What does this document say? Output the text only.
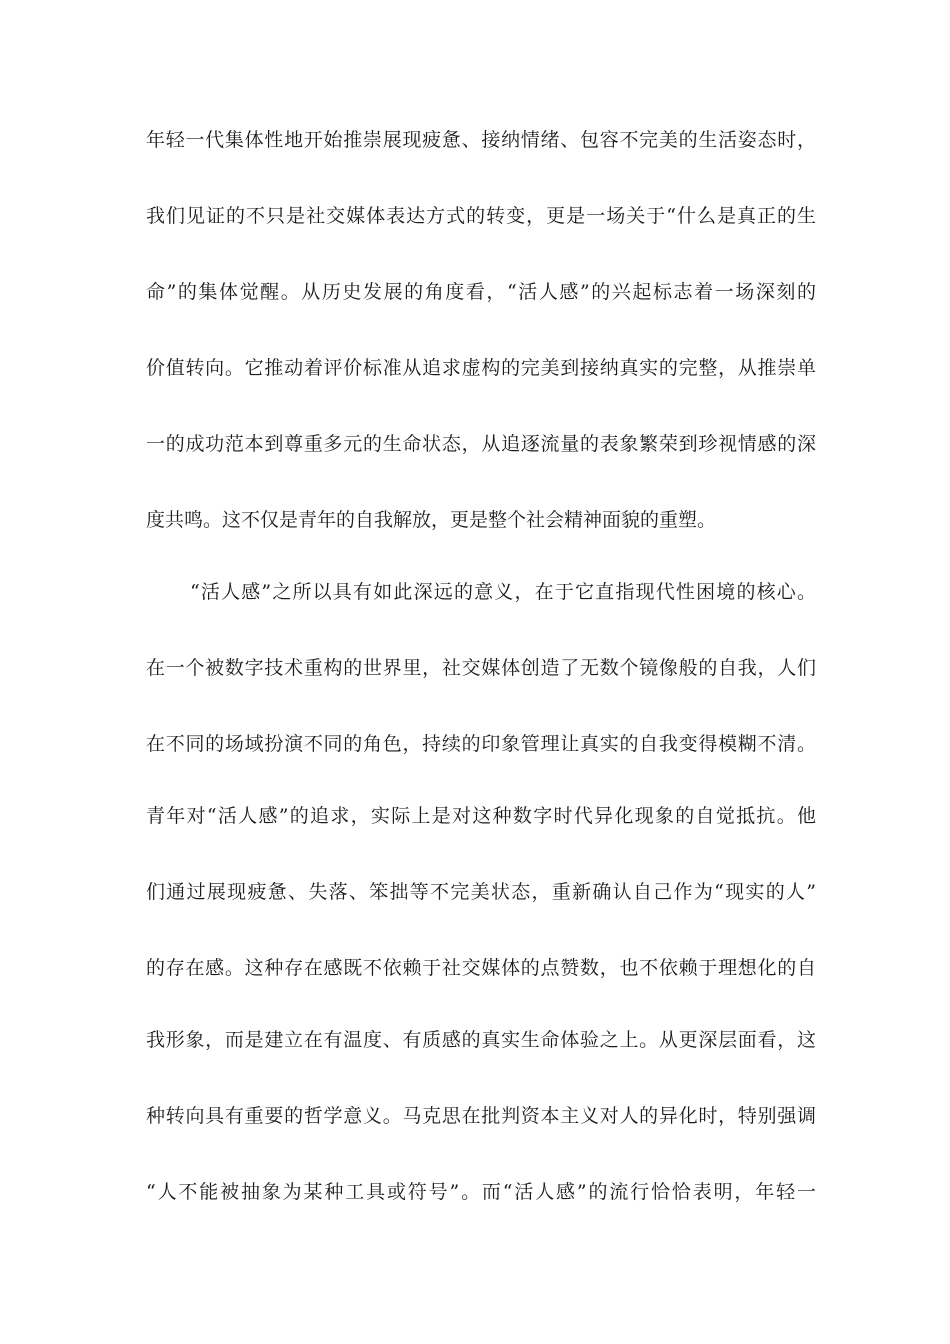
年轻一代集体性地开始推崇展现疲惫、接纳情绪、包容不完美的生活姿态时，
我们见证的不只是社交媒体表达方式的转变，更是一场关于“什么是真正的生
命”的集体觉醒。从历史发展的角度看，“活人感”的兴起标志着一场深刻的
价值转向。它推动着评价标准从追求虚构的完美到接纳真实的完整，从推崇单
一的成功范本到尊重多元的生命状态，从追逐流量的表象繁荣到珍视情感的深
度共鸣。这不仅是青年的自我解放，更是整个社会精神面貌的重塑。
“活人感”之所以具有如此深远的意义，在于它直指现代性困境的核心。
在一个被数字技术重构的世界里，社交媒体创造了无数个镜像般的自我，人们
在不同的场域扮演不同的角色，持续的印象管理让真实的自我变得模糊不清。
青年对“活人感”的追求，实际上是对这种数字时代异化现象的自觉抵抗。他
们通过展现疲惫、失落、笨拙等不完美状态，重新确认自己作为“现实的人”
的存在感。这种存在感既不依赖于社交媒体的点赞数，也不依赖于理想化的自
我形象，而是建立在有温度、有质感的真实生命体验之上。从更深层面看，这
种转向具有重要的哲学意义。马克思在批判资本主义对人的异化时，特别强调
“人不能被抽象为某种工具或符号”。而“活人感”的流行恰恰表明，年轻一
